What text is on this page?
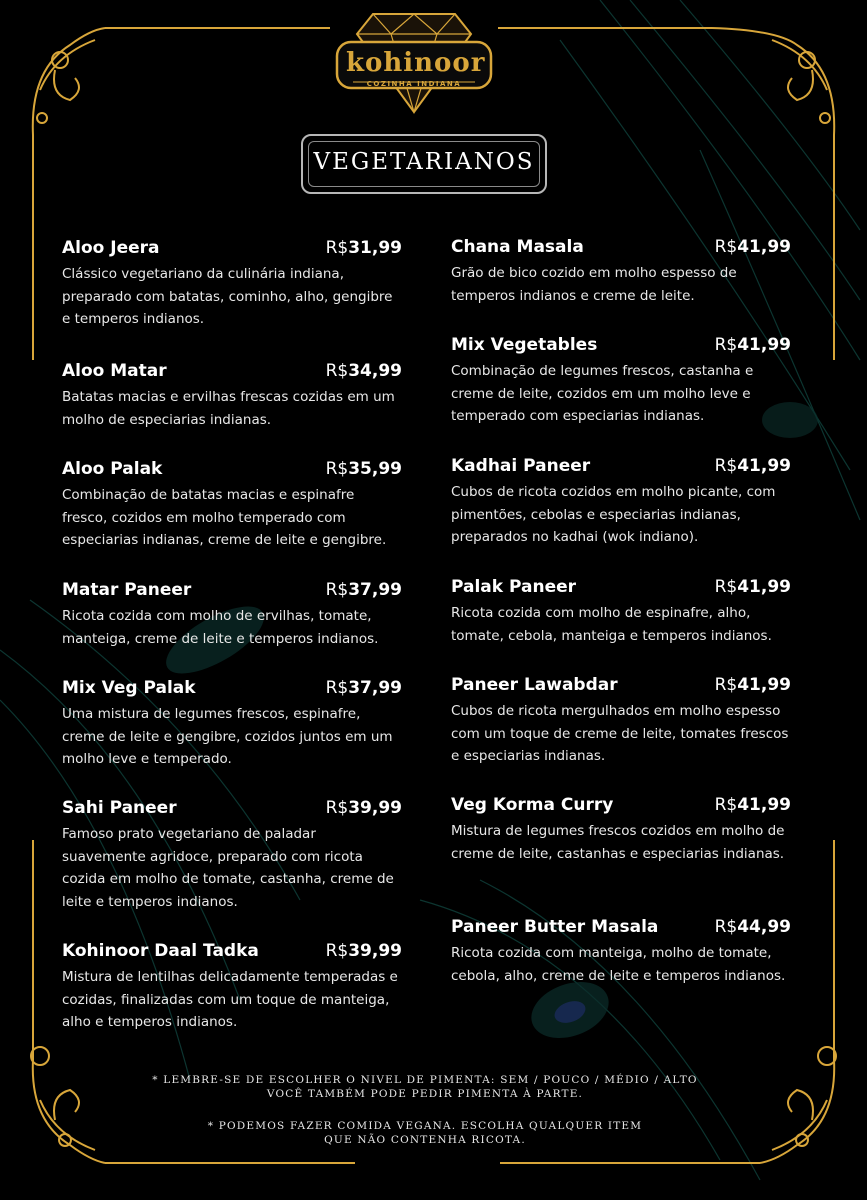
kohinoor
COZINHA INDIANA
VEGETARIANOS
Aloo Jeera	R$31,99
Clássico vegetariano da culinária indiana, preparado com batatas, cominho, alho, gengibre e temperos indianos.
Aloo Matar	R$34,99
Batatas macias e ervilhas frescas cozidas em um molho de especiarias indianas.
Aloo Palak	R$35,99
Combinação de batatas macias e espinafre fresco, cozidos em molho temperado com especiarias indianas, creme de leite e gengibre.
Matar Paneer	R$37,99
Ricota cozida com molho de ervilhas, tomate, manteiga, creme de leite e temperos indianos.
Mix Veg Palak	R$37,99
Uma mistura de legumes frescos, espinafre, creme de leite e gengibre, cozidos juntos em um molho leve e temperado.
Sahi Paneer	R$39,99
Famoso prato vegetariano de paladar suavemente agridoce, preparado com ricota cozida em molho de tomate, castanha, creme de leite e temperos indianos.
Kohinoor Daal Tadka	R$39,99
Mistura de lentilhas delicadamente temperadas e cozidas, finalizadas com um toque de manteiga, alho e temperos indianos.
Chana Masala	R$41,99
Grão de bico cozido em molho espesso de temperos indianos e creme de leite.
Mix Vegetables	R$41,99
Combinação de legumes frescos, castanha e creme de leite, cozidos em um molho leve e temperado com especiarias indianas.
Kadhai Paneer	R$41,99
Cubos de ricota cozidos em molho picante, com pimentões, cebolas e especiarias indianas, preparados no kadhai (wok indiano).
Palak Paneer	R$41,99
Ricota cozida com molho de espinafre, alho, tomate, cebola, manteiga e temperos indianos.
Paneer Lawabdar	R$41,99
Cubos de ricota mergulhados em molho espesso com um toque de creme de leite, tomates frescos e especiarias indianas.
Veg Korma Curry	R$41,99
Mistura de legumes frescos cozidos em molho de creme de leite, castanhas e especiarias indianas.
Paneer Butter Masala	R$44,99
Ricota cozida com manteiga, molho de tomate, cebola, alho, creme de leite e temperos indianos.
* LEMBRE-SE DE ESCOLHER O NIVEL DE PIMENTA: SEM / POUCO / MÉDIO / ALTO
VOCÊ TAMBÉM PODE PEDIR PIMENTA À PARTE.
* PODEMOS FAZER COMIDA VEGANA. ESCOLHA QUALQUER ITEM
QUE NÃO CONTENHA RICOTA.
